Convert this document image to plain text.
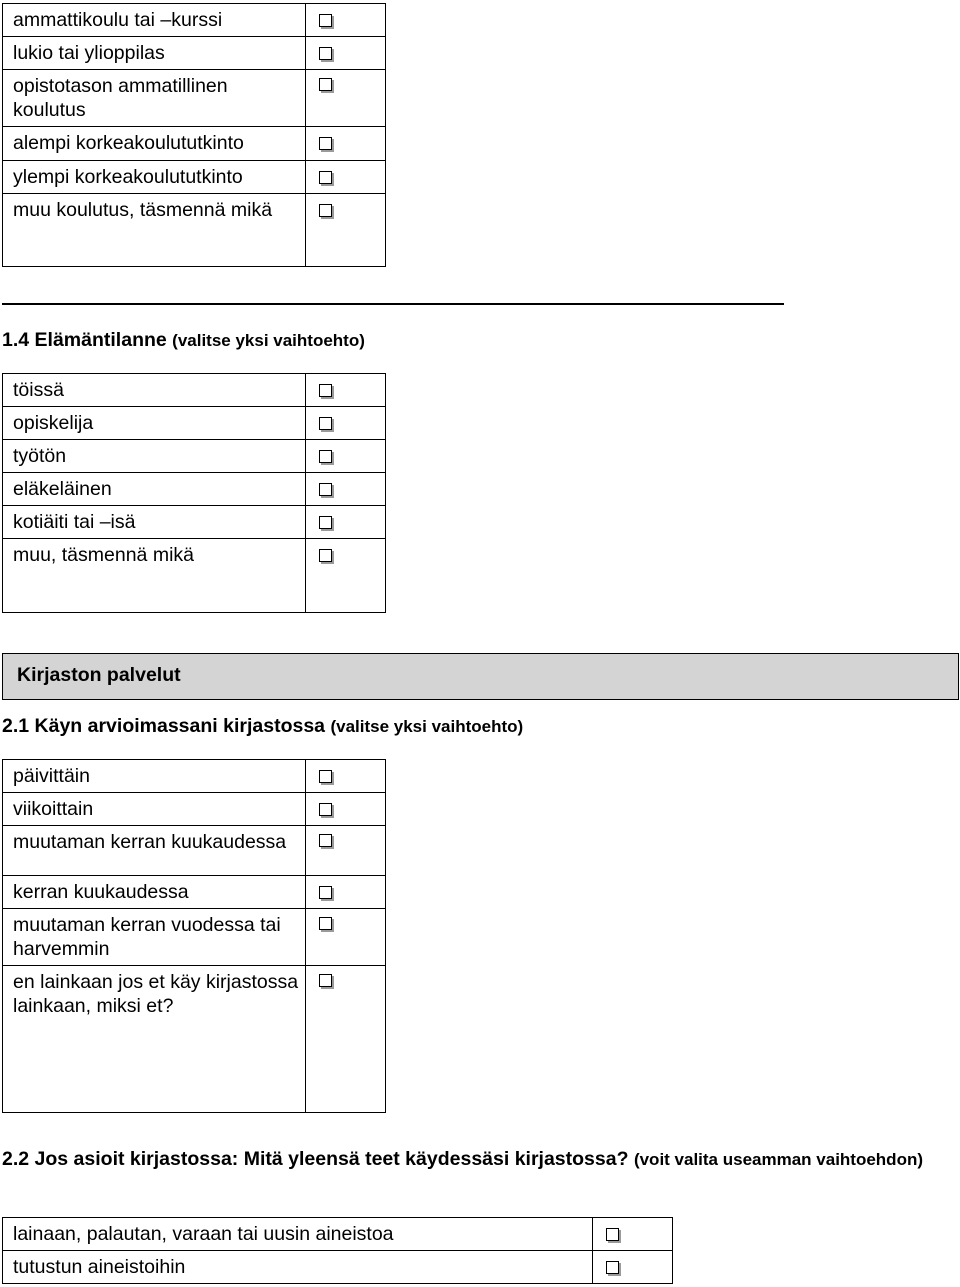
ammattikoulu tai –kurssi	

lukio tai ylioppilas	

opistotason ammatillinen koulutus	

alempi korkeakoulututkinto	

ylempi korkeakoulututkinto	

muu koulutus, täsmennä mikä	
1.4 Elämäntilanne (valitse yksi vaihtoehto)
töissä	

opiskelija	

työtön	

eläkeläinen	

kotiäiti tai –isä	

muu, täsmennä mikä	
Kirjaston palvelut
2.1 Käyn arvioimassani kirjastossa (valitse yksi vaihtoehto)
päivittäin	

viikoittain	

muutaman kerran kuukaudessa	

kerran kuukaudessa	

muutaman kerran vuodessa tai harvemmin	

en lainkaan jos et käy kirjastossa lainkaan, miksi et?	
2.2 Jos asioit kirjastossa: Mitä yleensä teet käydessäsi kirjastossa? (voit valita useamman vaihtoehdon)
lainaan, palautan, varaan tai uusin aineistoa	

tutustun aineistoihin	
